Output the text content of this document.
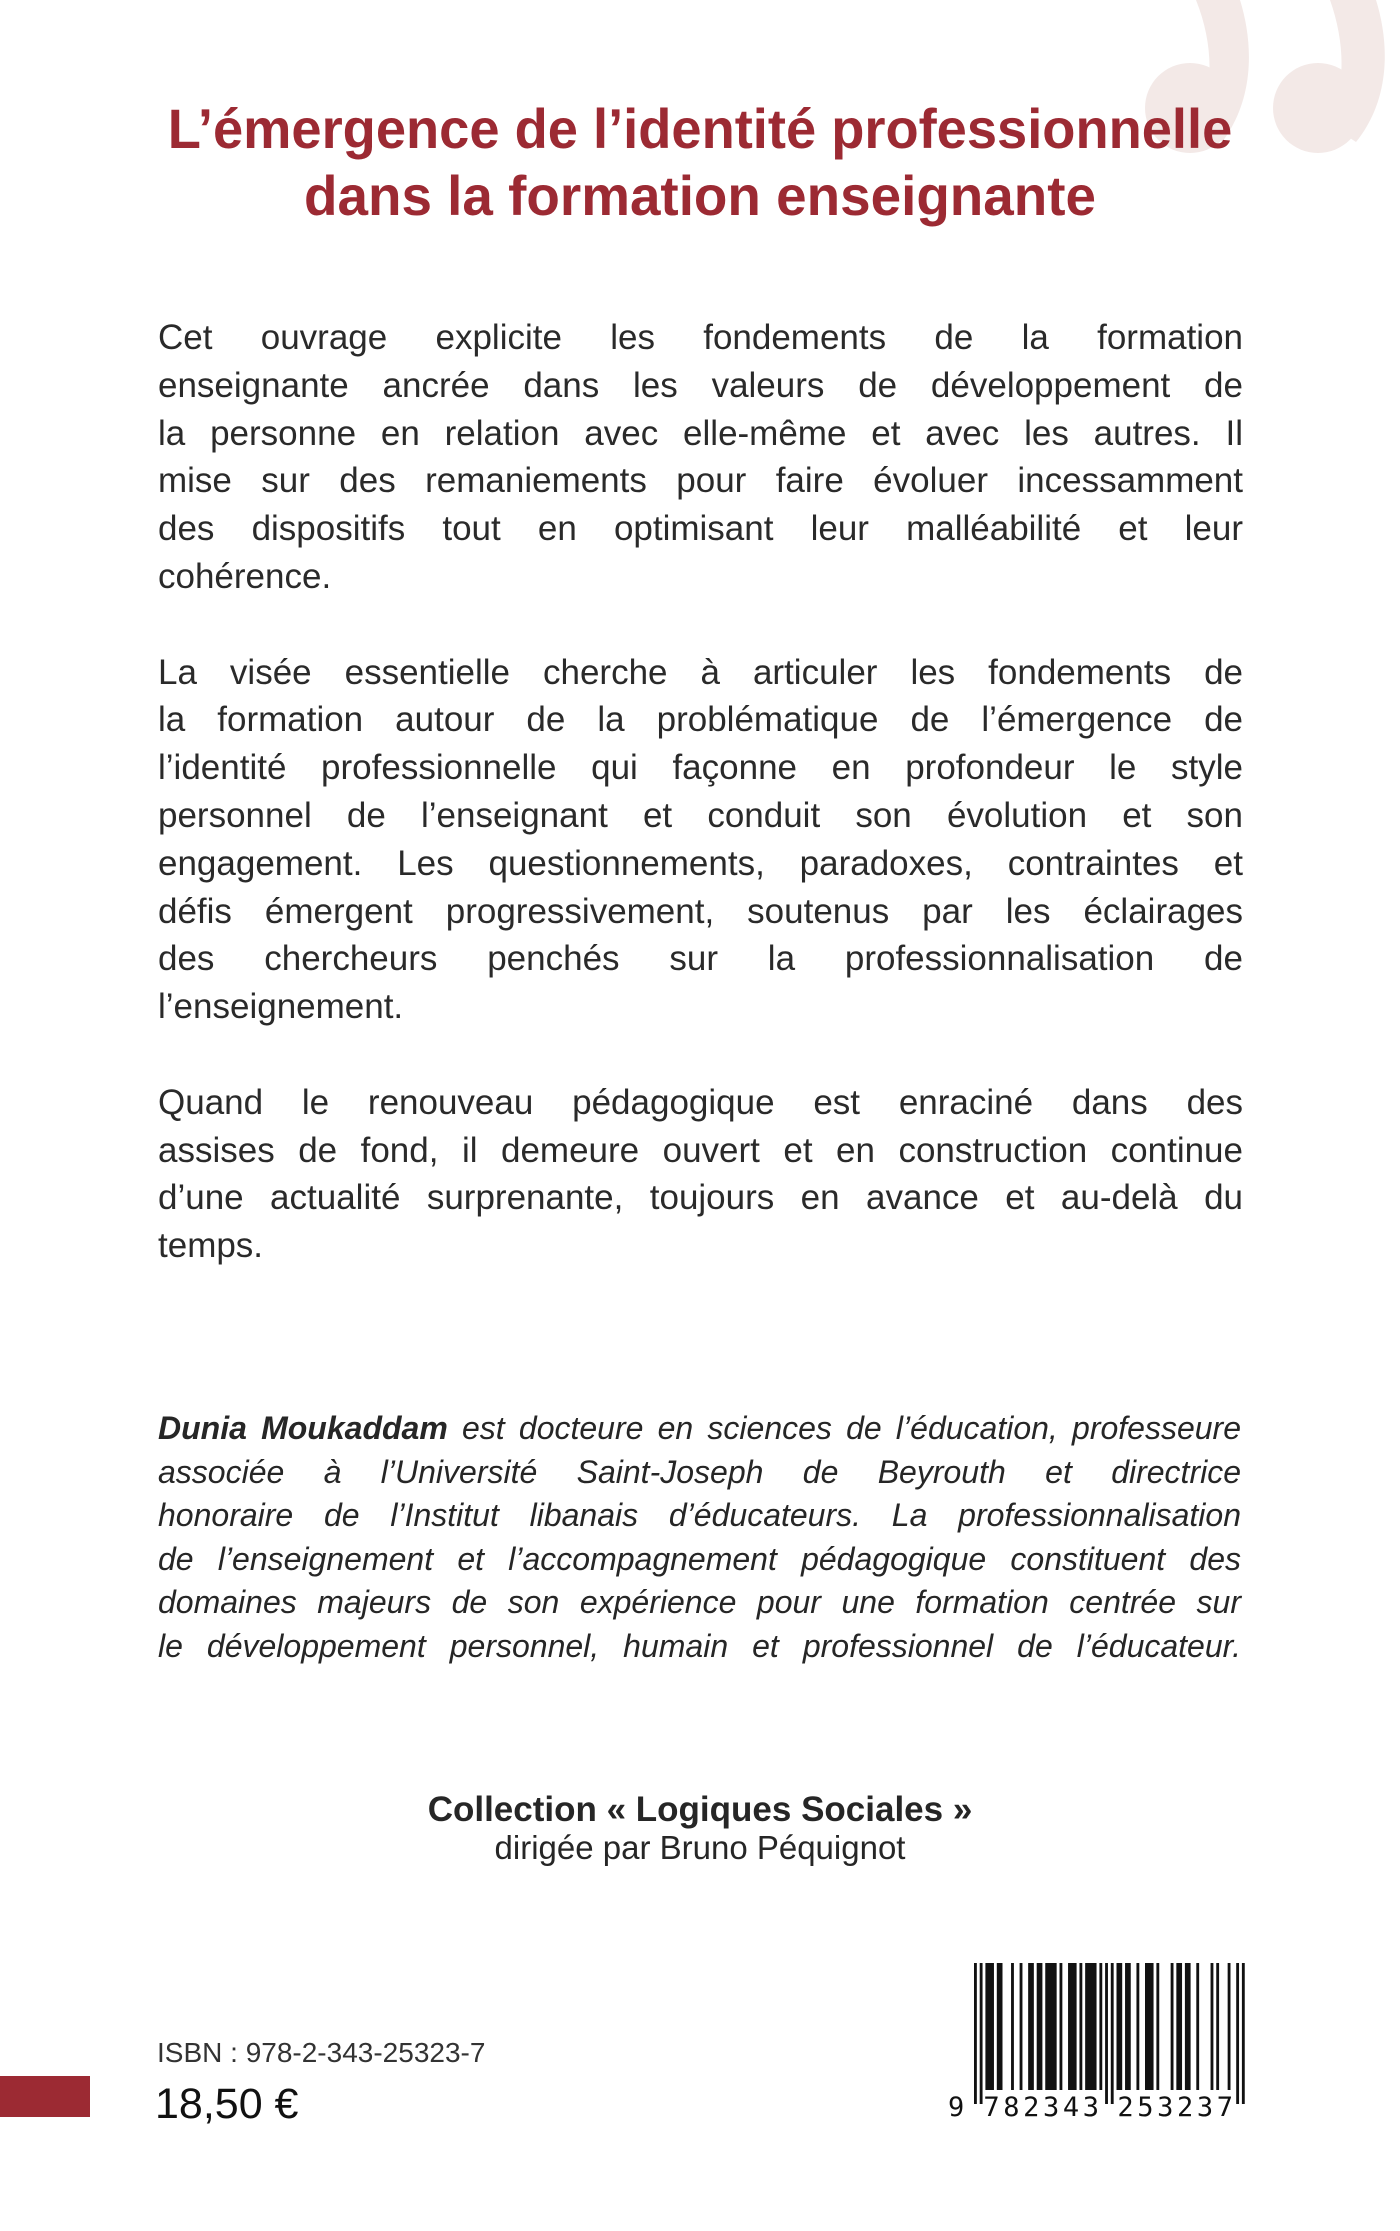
L’émergence de l’identité professionnelle
dans la formation enseignante
Cet ouvrage explicite les fondements de la formation
enseignante ancrée dans les valeurs de développement de
la personne en relation avec elle-même et avec les autres. Il
mise sur des remaniements pour faire évoluer incessamment
des dispositifs tout en optimisant leur malléabilité et leur
cohérence.
La visée essentielle cherche à articuler les fondements de
la formation autour de la problématique de l’émergence de
l’identité professionnelle qui façonne en profondeur le style
personnel de l’enseignant et conduit son évolution et son
engagement. Les questionnements, paradoxes, contraintes et
défis émergent progressivement, soutenus par les éclairages
des chercheurs penchés sur la professionnalisation de
l’enseignement.
Quand le renouveau pédagogique est enraciné dans des
assises de fond, il demeure ouvert et en construction continue
d’une actualité surprenante, toujours en avance et au-delà du
temps.
Dunia Moukaddam est docteure en sciences de l’éducation, professeure
associée à l’Université Saint-Joseph de Beyrouth et directrice
honoraire de l’Institut libanais d’éducateurs. La professionnalisation
de l’enseignement et l’accompagnement pédagogique constituent des
domaines majeurs de son expérience pour une formation centrée sur
le développement personnel, humain et professionnel de l’éducateur.
Collection « Logiques Sociales »
dirigée par Bruno Péquignot
ISBN : 978-2-343-25323-7
18,50 €	9 782343 253237
